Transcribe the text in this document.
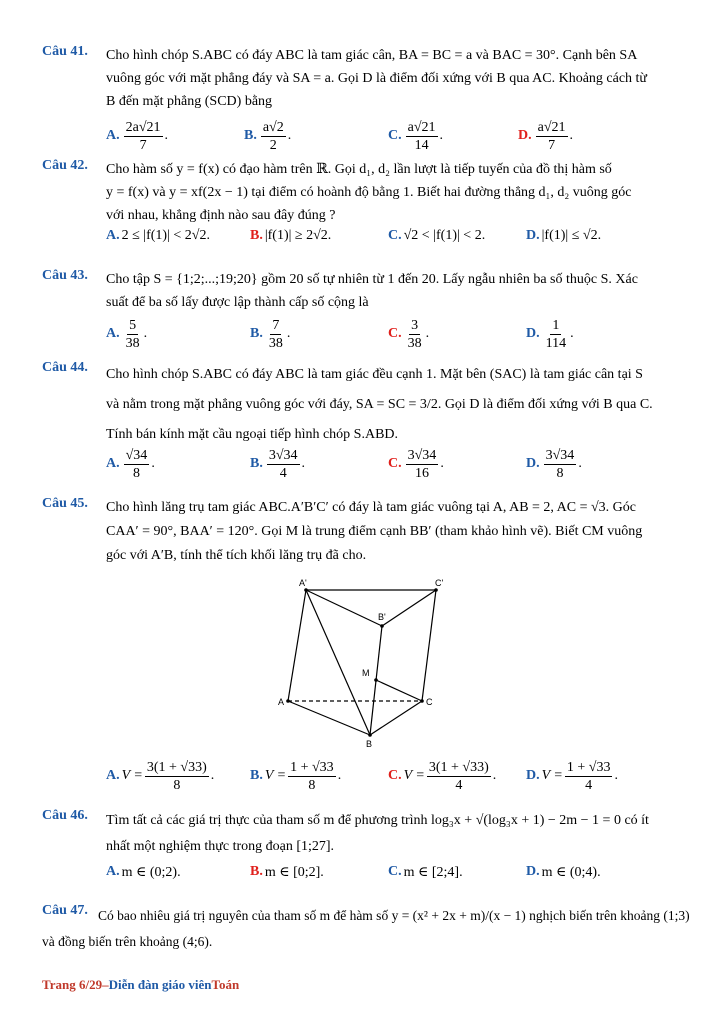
Câu 41. Cho hình chóp S.ABC có đáy ABC là tam giác cân, BA = BC = a và BAC = 30°. Cạnh bên SA
vuông góc với mặt phẳng đáy và SA = a. Gọi D là điểm đối xứng với B qua AC. Khoảng cách từ
B đến mặt phẳng (SCD) bằng
A. $\frac{2a√21}{7}$ .	B. $\frac{a√2}{2}$ .	C. $\frac{a√21}{14}$ .	D. $\frac{a√21}{7}$ .
Câu 42. Cho hàm số y = f(x) có đạo hàm trên ℝ. Gọi d₁, d₂ lần lượt là tiếp tuyến của đồ thị hàm số
y = f(x) và y = xf(2x − 1) tại điểm có hoành độ bằng 1. Biết hai đường thẳng d₁, d₂ vuông góc
với nhau, khẳng định nào sau đây đúng ?
A. 2 ≤ |f(1)| < 2√2.	B. |f(1)| ≥ 2√2.	C. √2 < |f(1)| < 2.	D. |f(1)| ≤ √2.
Câu 43. Cho tập S = {1;2;...;19;20} gồm 20 số tự nhiên từ 1 đến 20. Lấy ngẫu nhiên ba số thuộc S. Xác
suất để ba số lấy được lập thành cấp số cộng là
A. $\frac{5}{38}$ .	B. $\frac{7}{38}$ .	C. $\frac{3}{38}$ .	D. $\frac{1}{114}$ .
Câu 44. Cho hình chóp S.ABC có đáy ABC là tam giác đều cạnh 1. Mặt bên (SAC) là tam giác cân tại S
và nằm trong mặt phẳng vuông góc với đáy, SA = SC = 3/2. Gọi D là điểm đối xứng với B qua C.
Tính bán kính mặt cầu ngoại tiếp hình chóp S.ABD.
A. $\frac{√34}{8}$ .	B. $\frac{3√34}{4}$ .	C. $\frac{3√34}{16}$ .	D. $\frac{3√34}{8}$ .
Câu 45. Cho hình lăng trụ tam giác ABC.A′B′C′ có đáy là tam giác vuông tại A, AB = 2, AC = √3. Góc
CAA′ = 90°, BAA′ = 120°. Gọi M là trung điểm cạnh BB′ (tham khảo hình vẽ). Biết CM vuông
góc với A′B, tính thể tích khối lăng trụ đã cho.
A'	C'
B'
M
A	C
B
A. $V = \frac{3(1 + √33)}{8}$ .	B. $V = \frac{1 + √33}{8}$ .	C. $V = \frac{3(1 + √33)}{4}$ . D. $V = \frac{1 + √33}{4}$ .
Câu 46. Tìm tất cả các giá trị thực của tham số m để phương trình log₃x + √(log₃x + 1) − 2m − 1 = 0 có ít
nhất một nghiệm thực trong đoạn [1;27].
A. m ∈ (0;2).	B. m ∈ [0;2].	C. m ∈ [2;4].	D. m ∈ (0;4).
Câu 47. Có bao nhiêu giá trị nguyên của tham số m để hàm số y = (x² + 2x + m)/(x − 1) nghịch biến trên khoảng (1;3)
và đồng biến trên khoảng (4;6).
Trang 6/29–Diễn đàn giáo viênToán
